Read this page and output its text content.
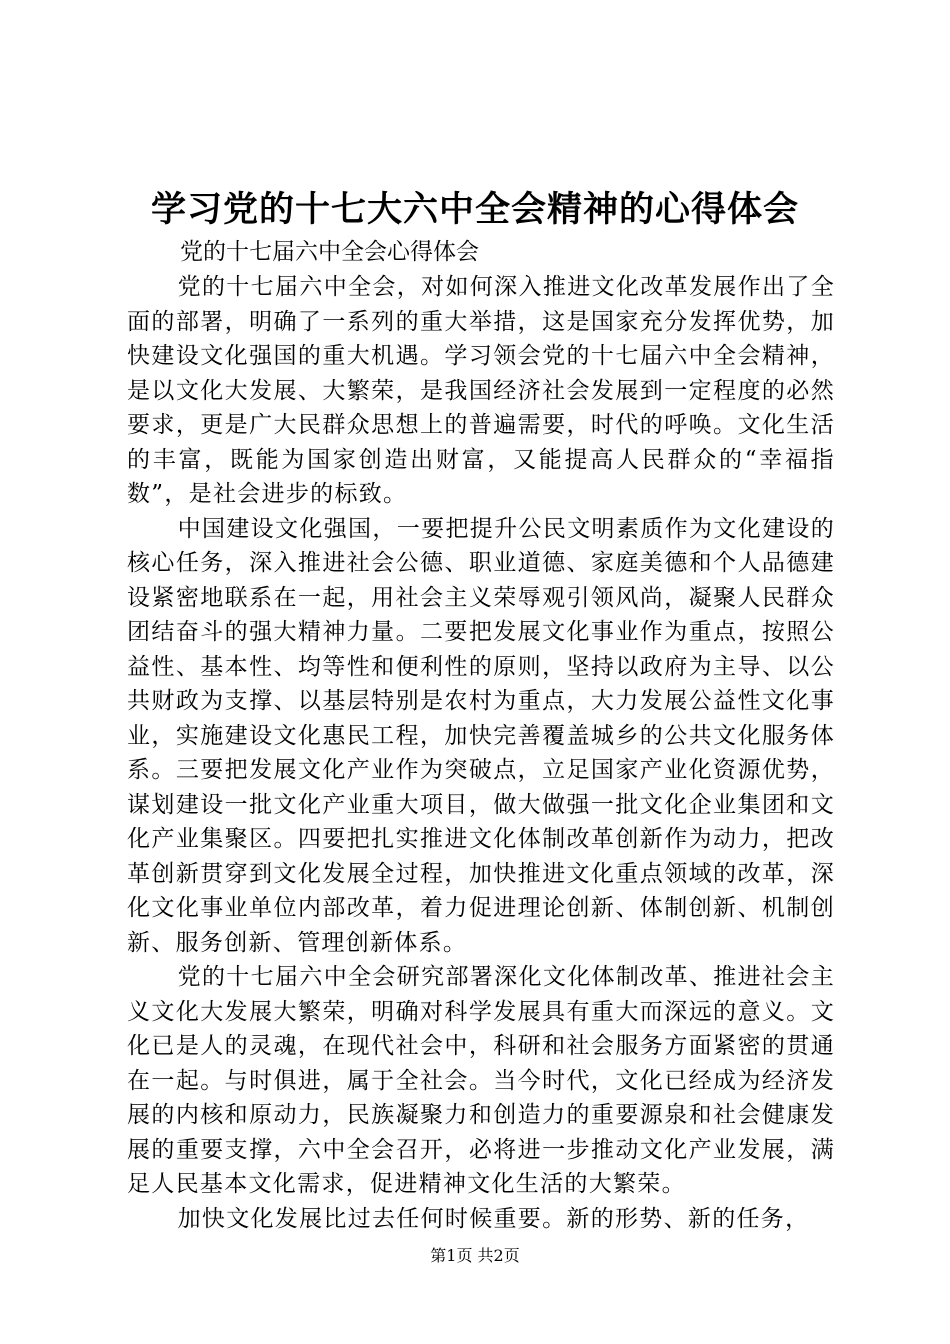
学习党的十七大六中全会精神的心得体会

党的十七届六中全会心得体会

党的十七届六中全会，对如何深入推进文化改革发展作出了全面的部署，明确了一系列的重大举措，这是国家充分发挥优势，加快建设文化强国的重大机遇。学习领会党的十七届六中全会精神，是以文化大发展、大繁荣，是我国经济社会发展到一定程度的必然要求，更是广大民群众思想上的普遍需要，时代的呼唤。文化生活的丰富，既能为国家创造出财富，又能提高人民群众的“幸福指数”，是社会进步的标致。

中国建设文化强国，一要把提升公民文明素质作为文化建设的核心任务，深入推进社会公德、职业道德、家庭美德和个人品德建设紧密地联系在一起，用社会主义荣辱观引领风尚，凝聚人民群众团结奋斗的强大精神力量。二要把发展文化事业作为重点，按照公益性、基本性、均等性和便利性的原则，坚持以政府为主导、以公共财政为支撑、以基层特别是农村为重点，大力发展公益性文化事业，实施建设文化惠民工程，加快完善覆盖城乡的公共文化服务体系。三要把发展文化产业作为突破点，立足国家产业化资源优势，谋划建设一批文化产业重大项目，做大做强一批文化企业集团和文化产业集聚区。四要把扎实推进文化体制改革创新作为动力，把改革创新贯穿到文化发展全过程，加快推进文化重点领域的改革，深化文化事业单位内部改革，着力促进理论创新、体制创新、机制创新、服务创新、管理创新体系。

党的十七届六中全会研究部署深化文化体制改革、推进社会主义文化大发展大繁荣，明确对科学发展具有重大而深远的意义。文化已是人的灵魂，在现代社会中，科研和社会服务方面紧密的贯通在一起。与时俱进，属于全社会。当今时代，文化已经成为经济发展的内核和原动力，民族凝聚力和创造力的重要源泉和社会健康发展的重要支撑，六中全会召开，必将进一步推动文化产业发展，满足人民基本文化需求，促进精神文化生活的大繁荣。

加快文化发展比过去任何时候重要。新的形势、新的任务，

第1页 共2页
